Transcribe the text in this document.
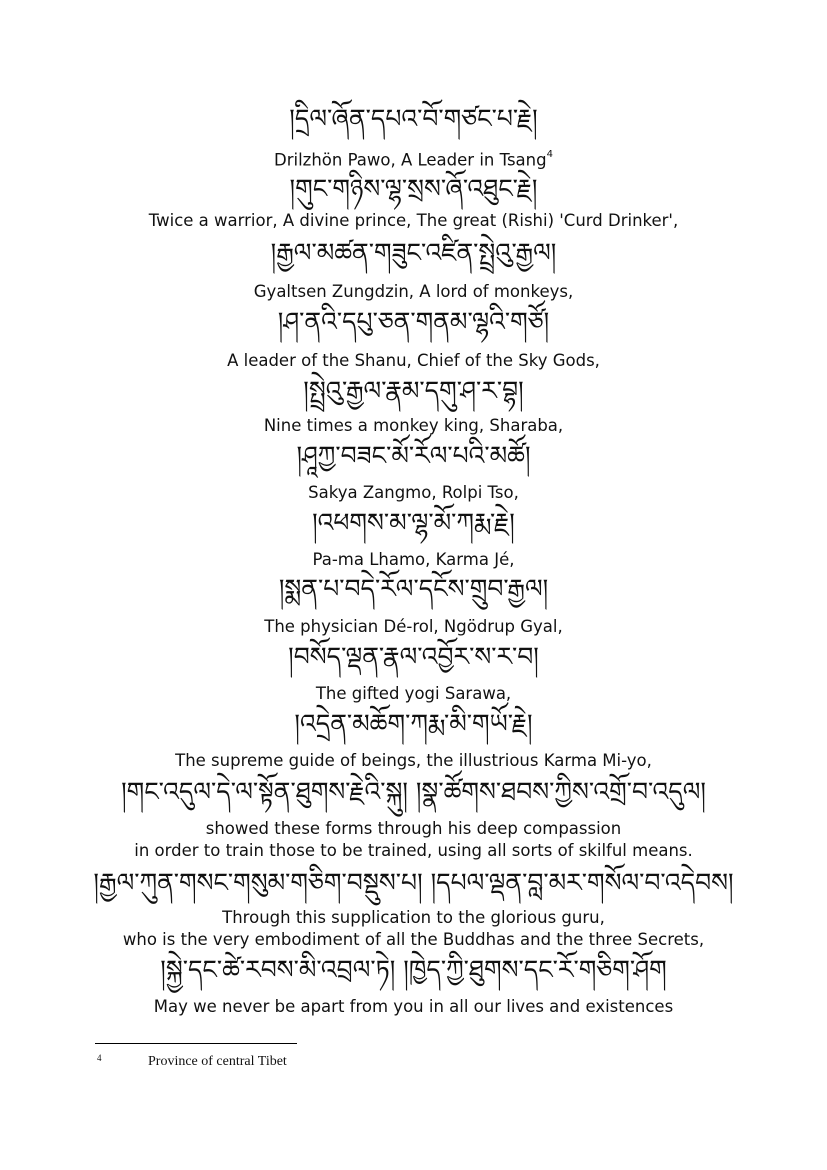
།དྲིལ་ཞོན་དཔའ་བོ་གཙང་པ་རྗེ།
Drilzhön Pawo, A Leader in Tsang$^4$
།གུང་གཉིས་ལྷ་སྲས་ཞོ་འཐུང་རྗེ།
Twice a warrior, A divine prince, The great (Rishi) 'Curd Drinker',
།རྒྱལ་མཚན་གཟུང་འཛིན་སྤྲེའུ་རྒྱལ།
Gyaltsen Zungdzin, A lord of monkeys,
།ཤ་ནའི་དཔུ་ཅན་གནམ་ལྷའི་གཙོ།
A leader of the Shanu, Chief of the Sky Gods,
།སྤྲེའུ་རྒྱལ་རྣམ་དགུ་ཤ་ར་བྷ།
Nine times a monkey king, Sharaba,
།ཤཱཀྱ་བཟང་མོ་རོལ་པའི་མཚོ།
Sakya Zangmo, Rolpi Tso,
།འཕགས་མ་ལྷ་མོ་ཀརྨ་རྗེ།
Pa-ma Lhamo, Karma Jé,
།སྨན་པ་བདེ་རོལ་དངོས་གྲུབ་རྒྱལ།
The physician Dé-rol, Ngödrup Gyal,
།བསོད་ལྡན་རྣལ་འབྱོར་ས་ར་བ།
The gifted yogi Sarawa,
།འདྲེན་མཆོག་ཀརྨ་མི་གཡོ་རྗེ།
The supreme guide of beings, the illustrious Karma Mi-yo,
།གང་འདུལ་དེ་ལ་སྟོན་ཐུགས་རྗེའི་སྐུ། །སྣ་ཚོགས་ཐབས་ཀྱིས་འགྲོ་བ་འདུལ།
showed these forms through his deep compassion
in order to train those to be trained, using all sorts of skilful means.
།རྒྱལ་ཀུན་གསང་གསུམ་གཅིག་བསྡུས་པ། །དཔལ་ལྡན་བླ་མར་གསོལ་བ་འདེབས།
Through this supplication to the glorious guru,
who is the very embodiment of all the Buddhas and the three Secrets,
།སྐྱེ་དང་ཚེ་རབས་མི་འབྲལ་ཏེ། །ཁྱེད་ཀྱི་ཐུགས་དང་རོ་གཅིག་ཤོག
May we never be apart from you in all our lives and existences
4	Province of central Tibet
